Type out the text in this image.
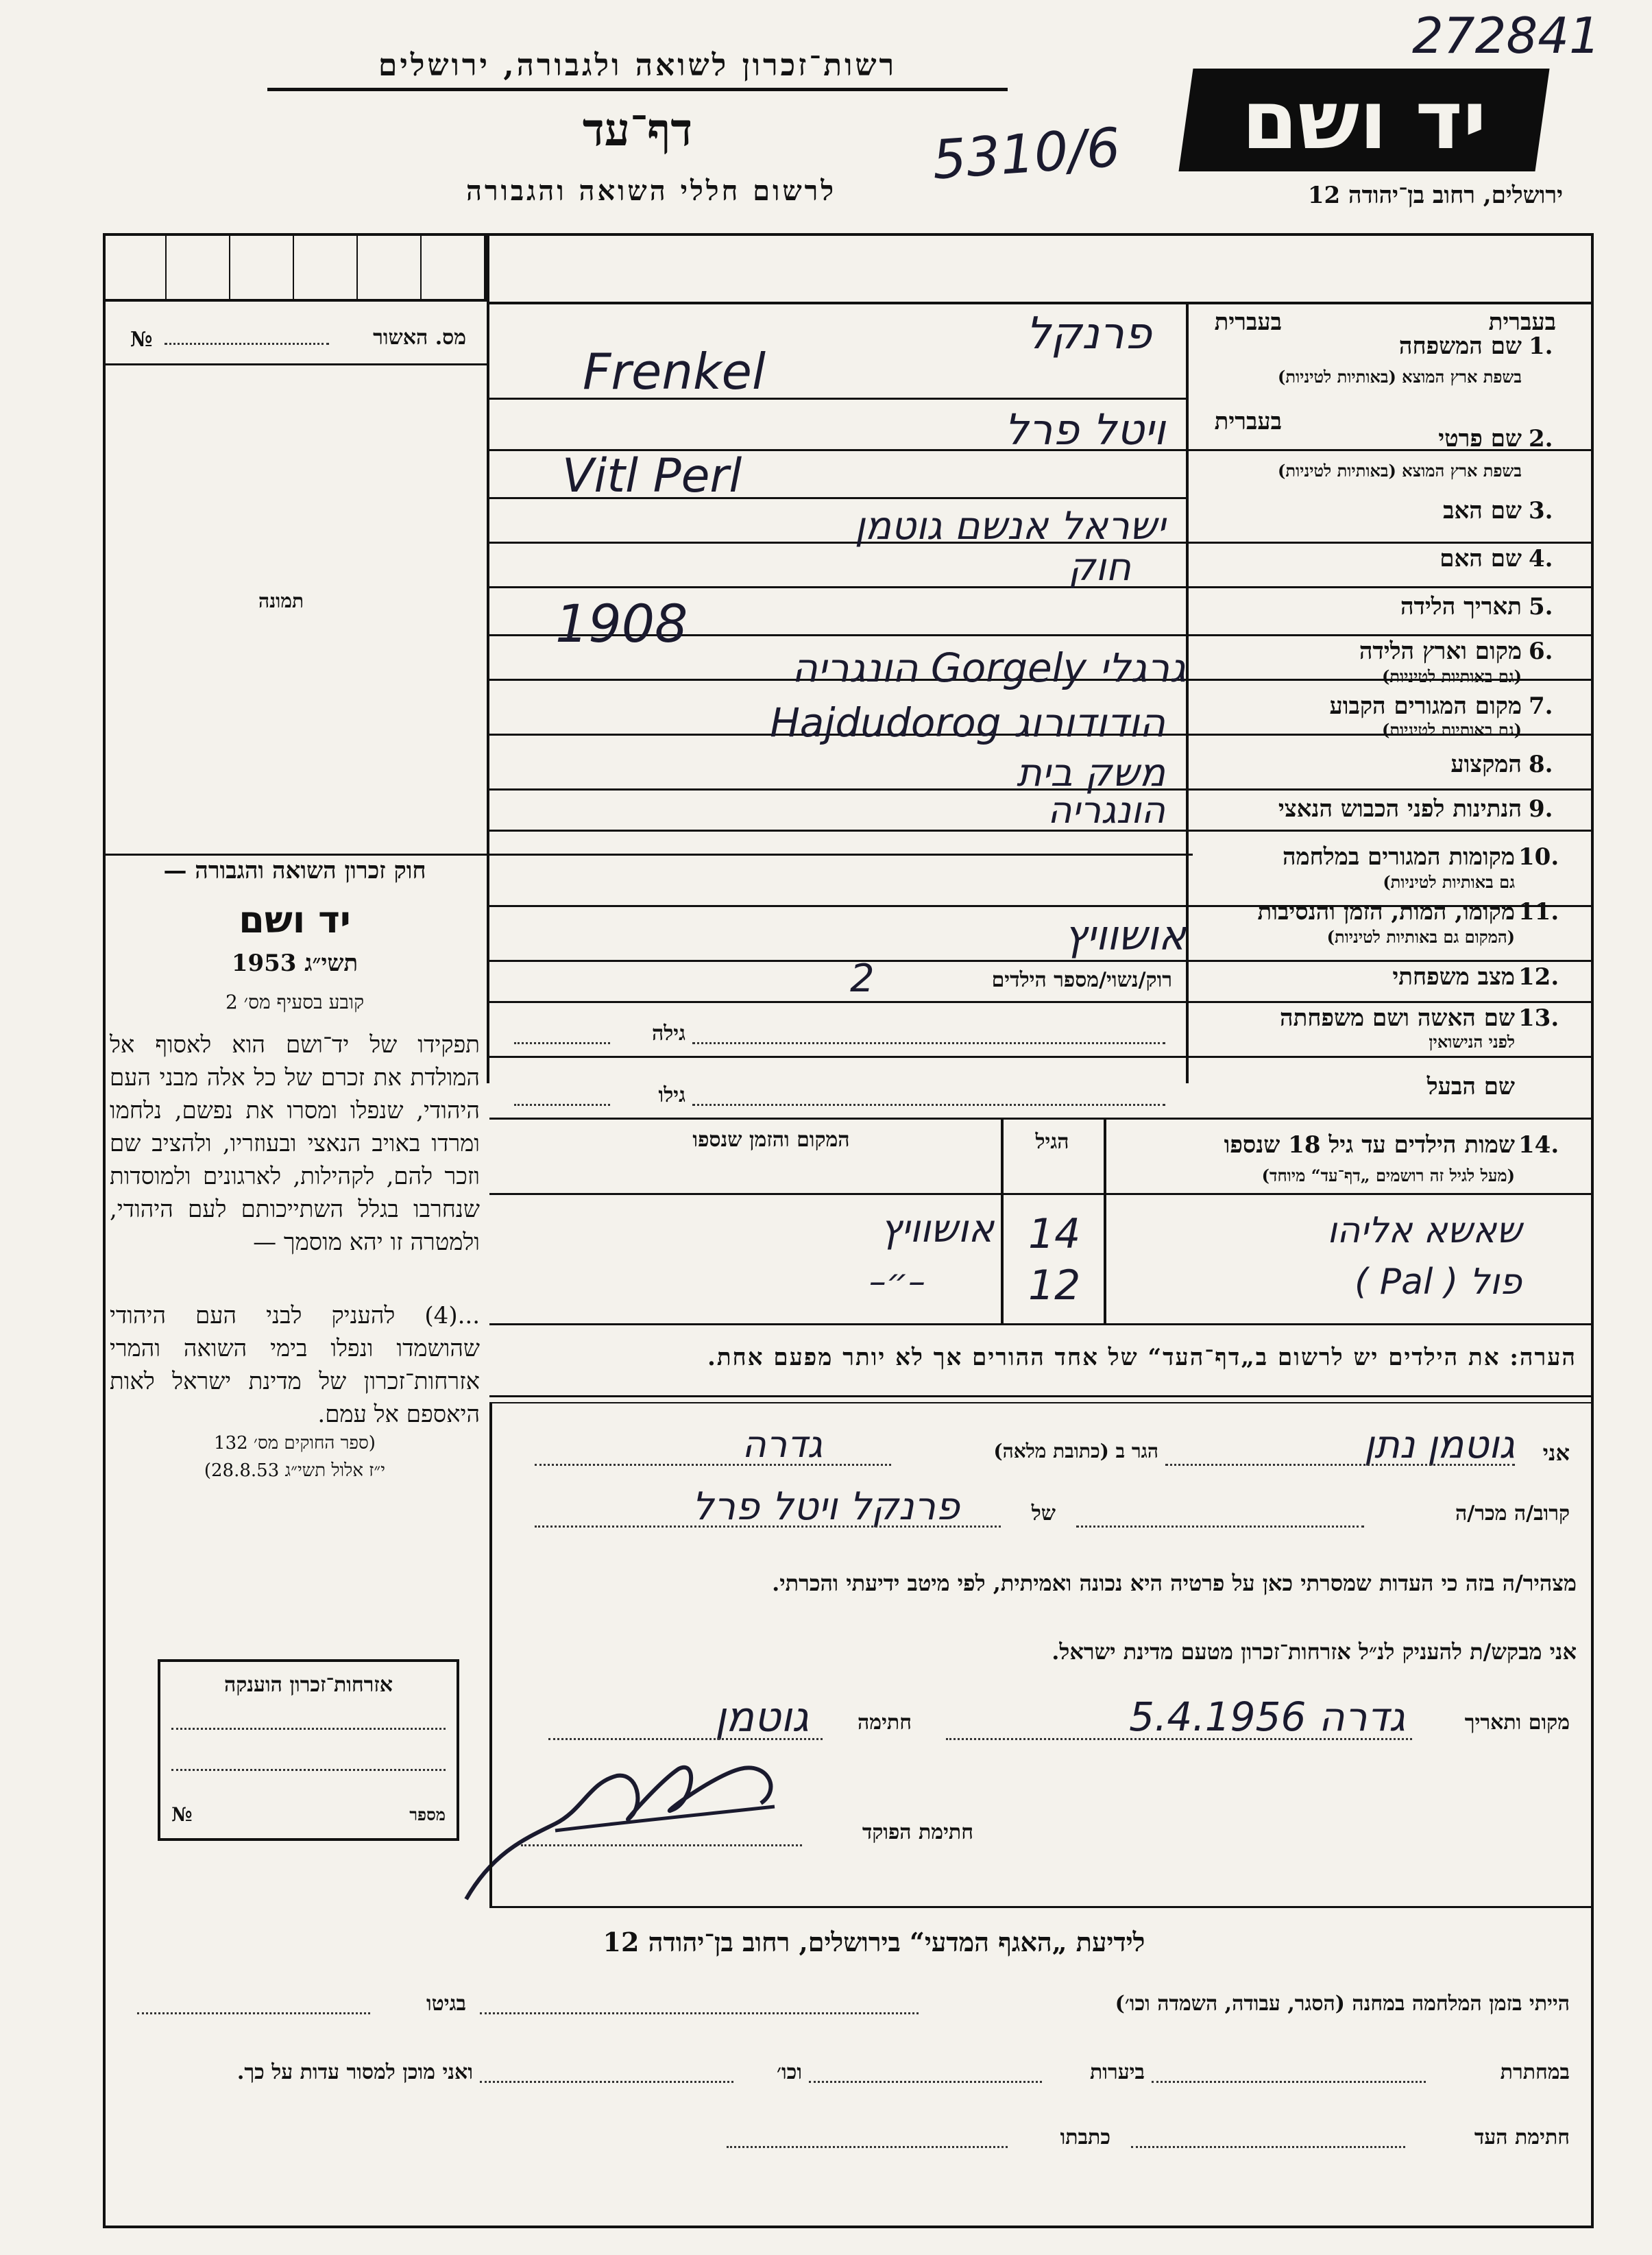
272841
5310/6
רשות־זכרון לשואה ולגבורה, ירושלים
דף־עד
לרשום חללי השואה והגבורה
יד ושם
ירושלים, רחוב בן־יהודה 12
№	מס. האשור
תמונה
בעברית
1.
שם המשפחה
בשפת ארץ המוצא (באותיות לטיניות)
בעברית
בעברית
2.
שם פרטי
בשפת ארץ המוצא (באותיות לטיניות)
3.
שם האב
4.
שם האם
5.
תאריך הלידה
6.
מקום וארץ הלידה
(גם באותיות לטיניות)
7.
מקום המגורים הקבוע
(גם באותיות לטיניות)
8.
המקצוע
9.
הנתינות לפני הכבוש הנאצי
10.
מקומות המגורים במלחמה
גם באותיות לטיניות)
11.
מקומו, המות, הזמן והנסיבות
(המקום גם באותיות לטיניות)
12.
מצב משפחתי
13.
שם האשה ושם משפחתה
לפני הנישואין
שם הבעל
פרנקל
Frenkel
ויטל פרל
Vitl Perl
ישראל אנשם גוטמן
חוק
1908
גרגלי Gorgely הונגריה
הודודורוג Hajdudorog
משק בית
הונגריה
אושוויץ
רוק/נשוי/מספר הילדים
2
גילה
גילו
חוק זכרון השואה והגבורה —
יד ושם
תשי״ג 1953
קובע בסעיף מס׳ 2
תפקידו של יד־ושם הוא לאסוף אל המולדת את זכרם של כל אלה מבני העם היהודי, שנפלו ומסרו את נפשם, נלחמו ומרדו באויב הנאצי ובעוזריו, ולהציב שם וזכר להם, לקהילות, לארגונים ולמוסדות שנחרבו בגלל השתייכותם לעם היהודי, ולמטרה זו יהא מוסמך —
...(4) להעניק לבני העם היהודי שהושמדו ונפלו בימי השואה והמרי אזרחות־זכרון של מדינת ישראל לאות היאספם אל עמם.
(ספר החוקים מס׳ 132
י״ז אלול תשי״ג 28.8.53)
14.
שמות הילדים עד גיל 18 שנספו
(מעל לגיל זה רושמים „דף־עד“ מיוחד)
הגיל
המקום והזמן שנספו
שאשא אליהו
14
אושוויץ
פול ( Pal )
12
–״–
הערה: את הילדים יש לרשום ב„דף־העד“ של אחד ההורים אך לא יותר מפעם אחת.
אני
גוטמן נתן
הגר ב (כתובת מלאה)
גדרה
קרוב/ה מכר/ה
של
פרנקל ויטל פרל
מצהיר/ה בזה כי העדות שמסרתי כאן על פרטיה היא נכונה ואמיתית, לפי מיטב ידיעתי והכרתי.
אני מבקש/ת להעניק לנ״ל אזרחות־זכרון מטעם מדינת ישראל.
מקום ותאריך
גדרה 5.4.1956
חתימה
גוטמן
חתימת הפוקד
אזרחות־זכרון הוענקה
№	מספר
לידיעת „האגף המדעי“ בירושלים, רחוב בן־יהודה 12
הייתי בזמן המלחמה במחנה (הסגר, עבודה, השמדה וכו׳)
בגיטו
במחתרת
ביערות
וכו׳
ואני מוכן למסור עדות על כך.
חתימת העד
כתבתו
